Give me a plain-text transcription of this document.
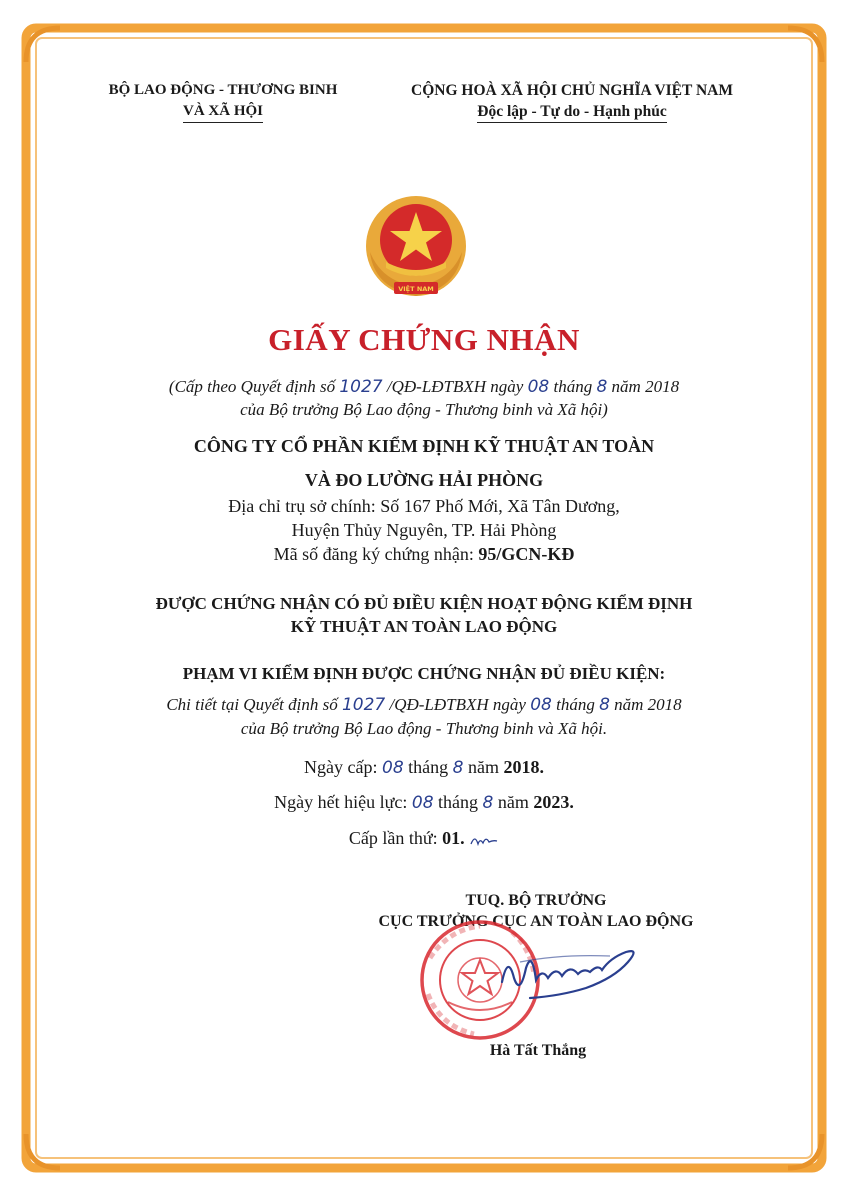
BỘ LAO ĐỘNG - THƯƠNG BINH
VÀ XÃ HỘI
CỘNG HOÀ XÃ HỘI CHỦ NGHĨA VIỆT NAM
Độc lập - Tự do - Hạnh phúc
VIỆT NAM
GIẤY CHỨNG NHẬN
(Cấp theo Quyết định số 1027 /QĐ-LĐTBXH ngày 08 tháng 8 năm 2018
của Bộ trưởng Bộ Lao động - Thương binh và Xã hội)
CÔNG TY CỔ PHẦN KIỂM ĐỊNH KỸ THUẬT AN TOÀN
VÀ ĐO LƯỜNG HẢI PHÒNG
Địa chỉ trụ sở chính: Số 167 Phố Mới, Xã Tân Dương,
Huyện Thủy Nguyên, TP. Hải Phòng
Mã số đăng ký chứng nhận: 95/GCN-KĐ
ĐƯỢC CHỨNG NHẬN CÓ ĐỦ ĐIỀU KIỆN HOẠT ĐỘNG KIỂM ĐỊNH
KỸ THUẬT AN TOÀN LAO ĐỘNG
PHẠM VI KIỂM ĐỊNH ĐƯỢC CHỨNG NHẬN ĐỦ ĐIỀU KIỆN:
Chi tiết tại Quyết định số 1027 /QĐ-LĐTBXH ngày 08 tháng 8 năm 2018
của Bộ trưởng Bộ Lao động - Thương binh và Xã hội.
Ngày cấp: 08 tháng 8 năm 2018.
Ngày hết hiệu lực: 08 tháng 8 năm 2023.
Cấp lần thứ: 01.
TUQ. BỘ TRƯỞNG
CỤC TRƯỞNG CỤC AN TOÀN LAO ĐỘNG
Hà Tất Thắng
